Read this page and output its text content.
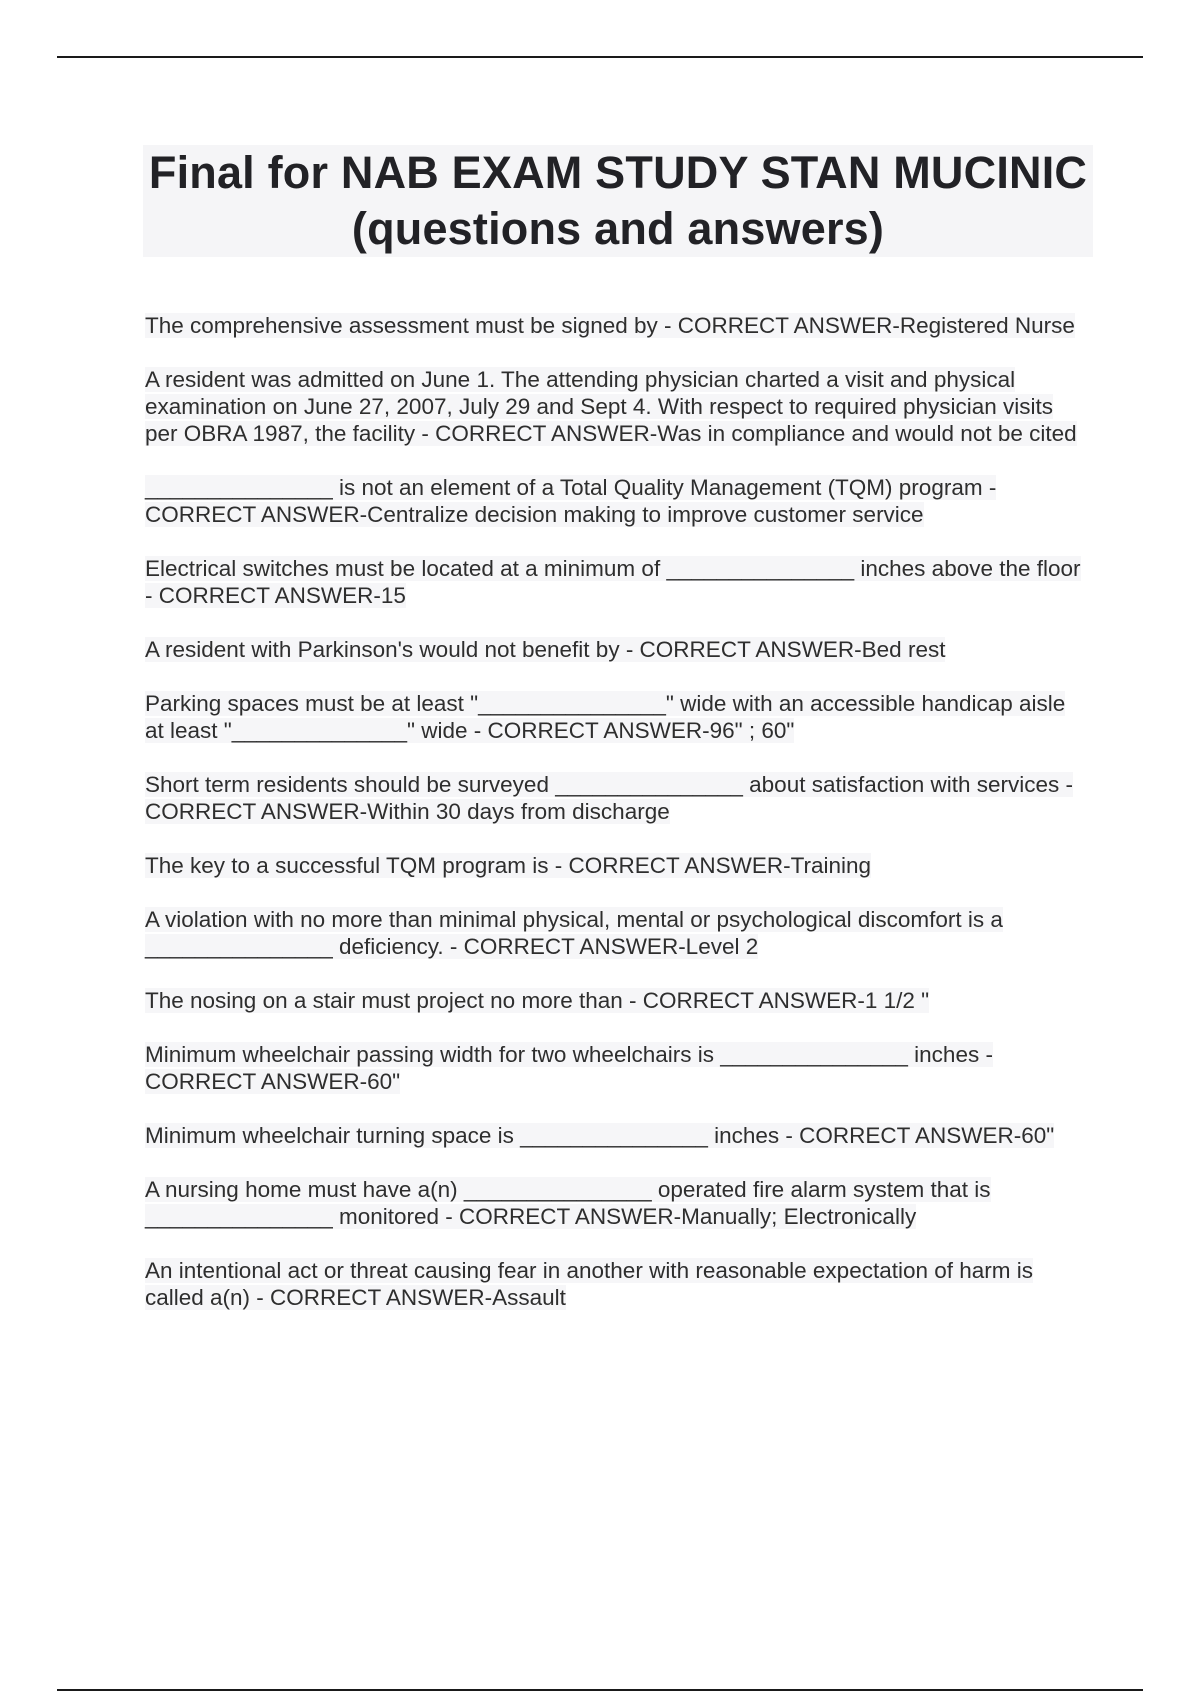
Final for NAB EXAM STUDY STAN MUCINIC (questions and answers)
The comprehensive assessment must be signed by - CORRECT ANSWER-Registered Nurse
A resident was admitted on June 1. The attending physician charted a visit and physical examination on June 27, 2007, July 29 and Sept 4. With respect to required physician visits per OBRA 1987, the facility - CORRECT ANSWER-Was in compliance and would not be cited
_______________ is not an element of a Total Quality Management (TQM) program - CORRECT ANSWER-Centralize decision making to improve customer service
Electrical switches must be located at a minimum of _______________ inches above the floor - CORRECT ANSWER-15
A resident with Parkinson's would not benefit by - CORRECT ANSWER-Bed rest
Parking spaces must be at least "_______________" wide with an accessible handicap aisle at least "______________" wide - CORRECT ANSWER-96" ; 60"
Short term residents should be surveyed _______________ about satisfaction with services - CORRECT ANSWER-Within 30 days from discharge
The key to a successful TQM program is - CORRECT ANSWER-Training
A violation with no more than minimal physical, mental or psychological discomfort is a _______________ deficiency. - CORRECT ANSWER-Level 2
The nosing on a stair must project no more than - CORRECT ANSWER-1 1/2 "
Minimum wheelchair passing width for two wheelchairs is _______________ inches - CORRECT ANSWER-60"
Minimum wheelchair turning space is _______________ inches - CORRECT ANSWER-60"
A nursing home must have a(n) _______________ operated fire alarm system that is _______________ monitored - CORRECT ANSWER-Manually; Electronically
An intentional act or threat causing fear in another with reasonable expectation of harm is called a(n) - CORRECT ANSWER-Assault
